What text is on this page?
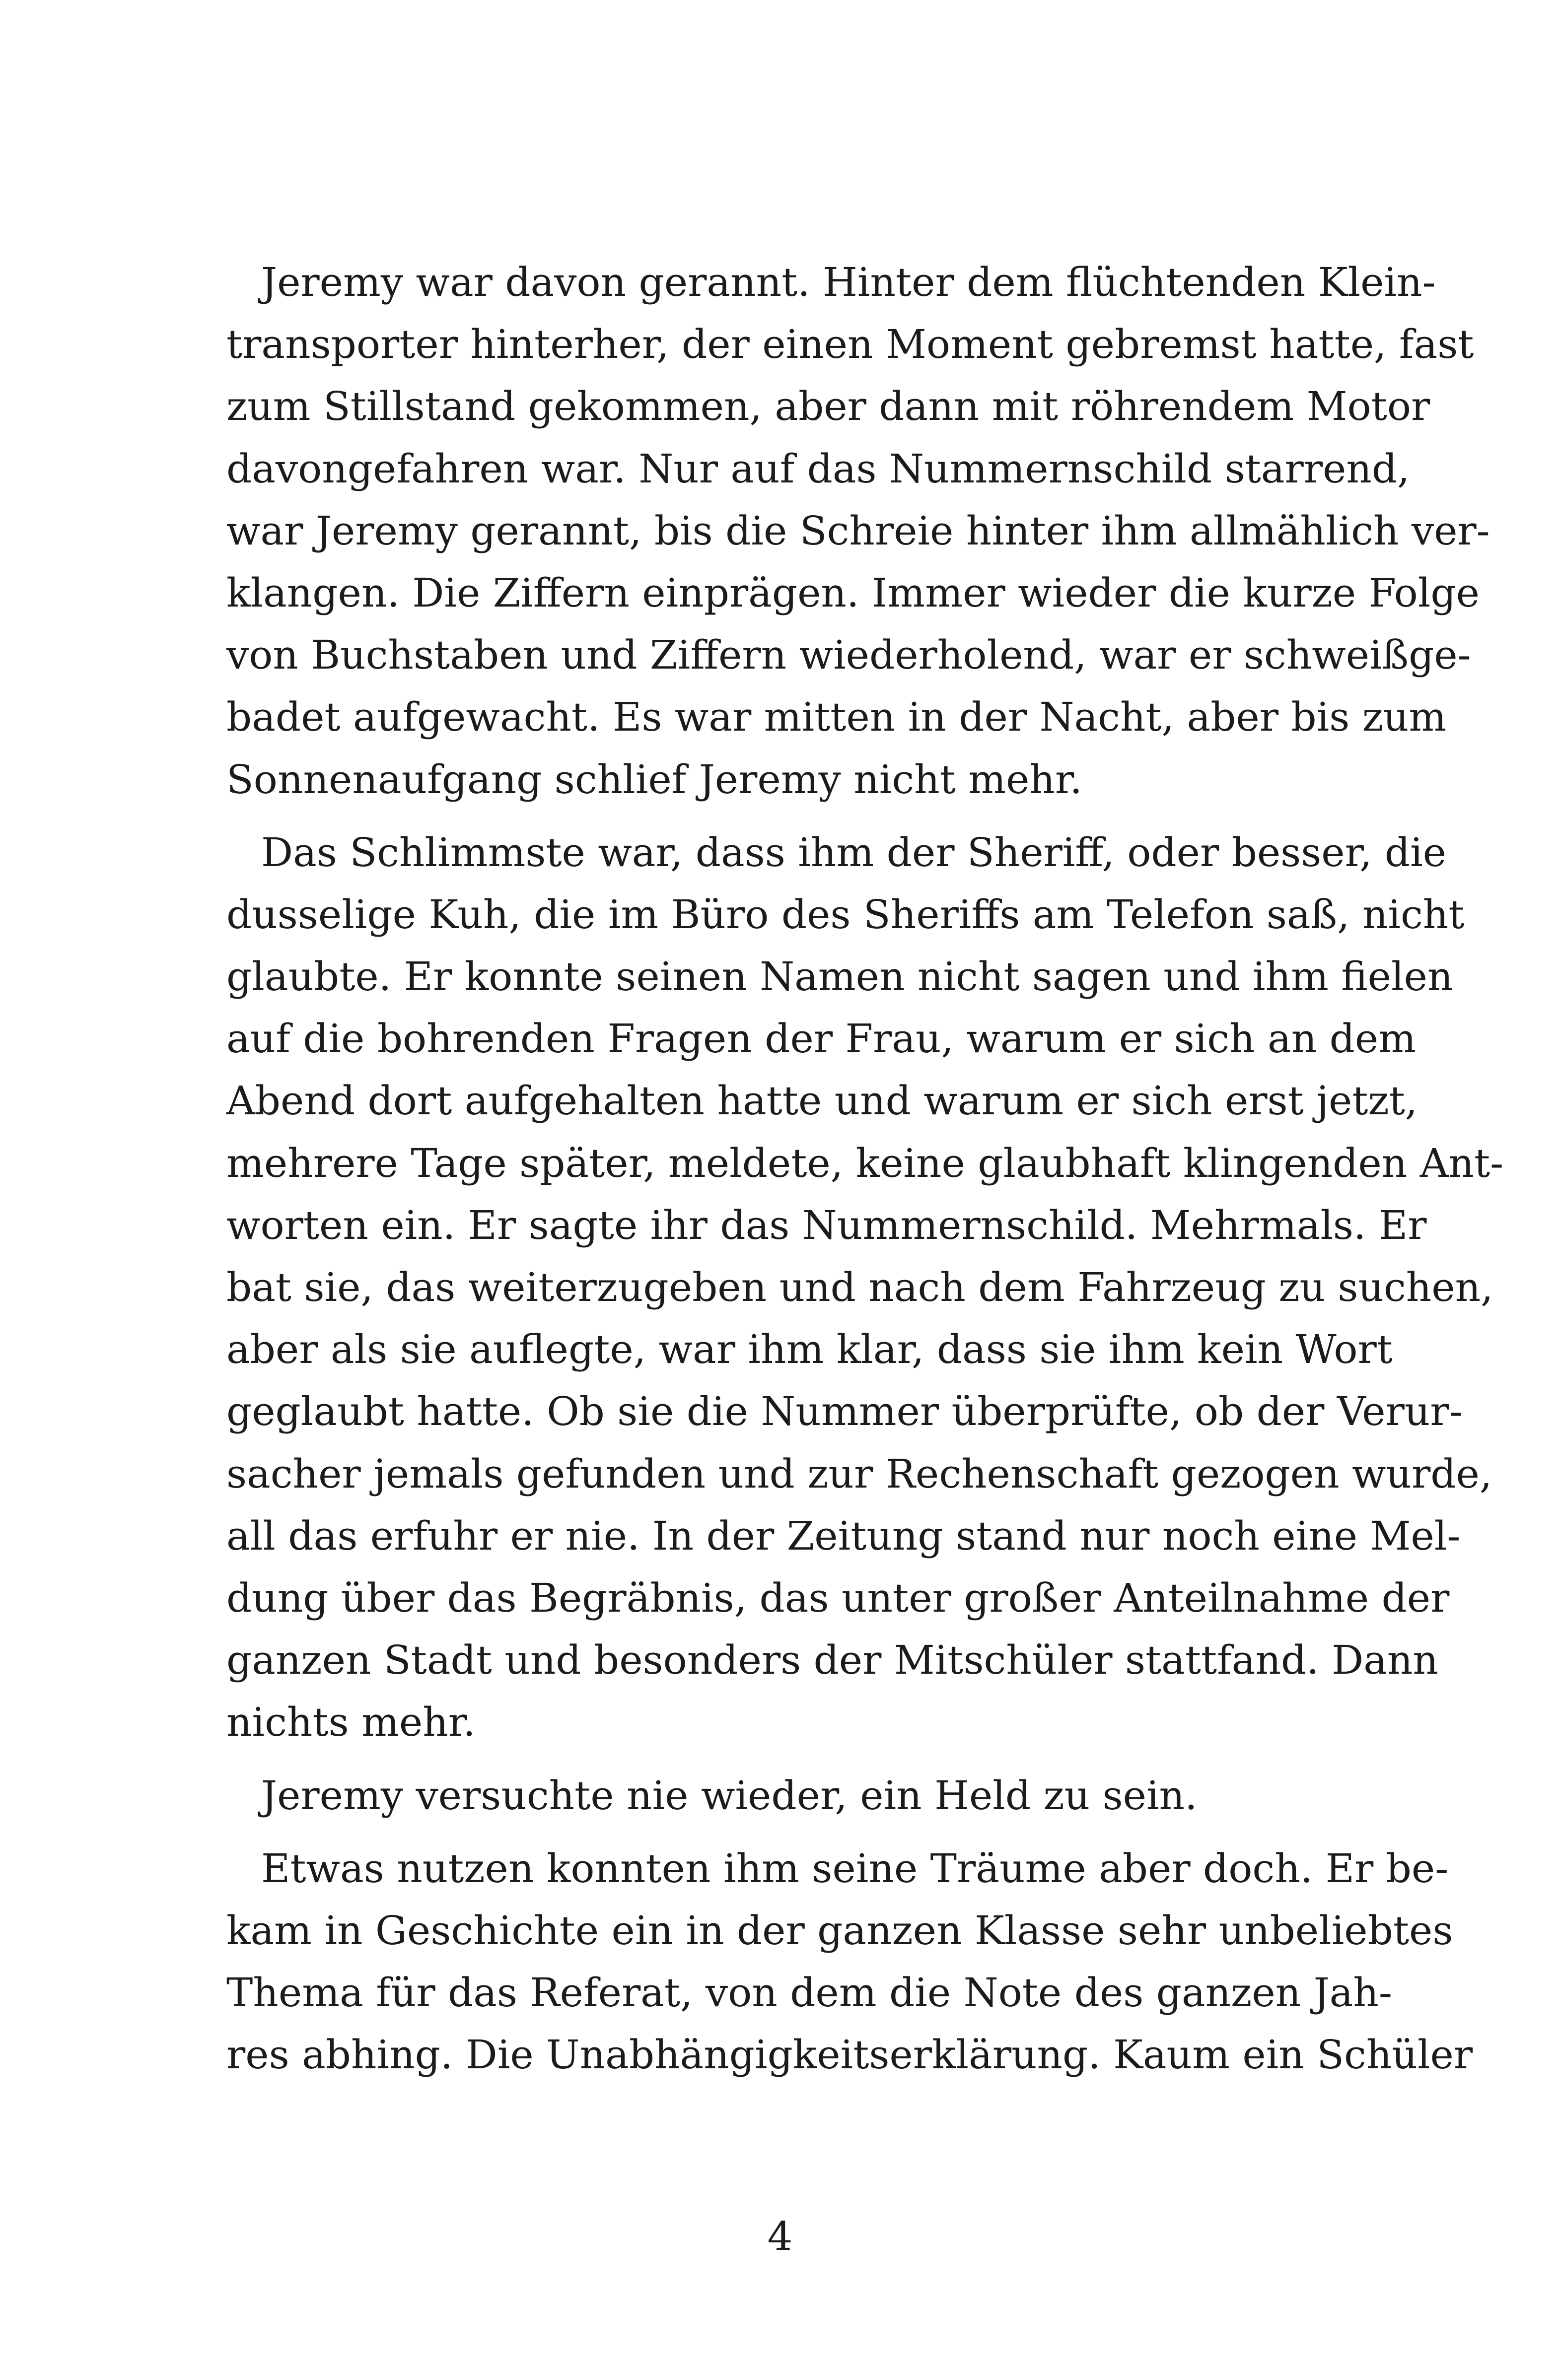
Jeremy war davon gerannt. Hinter dem flüchtenden Klein-
transporter hinterher, der einen Moment gebremst hatte, fast
zum Stillstand gekommen, aber dann mit röhrendem Motor
davongefahren war. Nur auf das Nummernschild starrend,
war Jeremy gerannt, bis die Schreie hinter ihm allmählich ver-
klangen. Die Ziffern einprägen. Immer wieder die kurze Folge
von Buchstaben und Ziffern wiederholend, war er schweißge-
badet aufgewacht. Es war mitten in der Nacht, aber bis zum
Sonnenaufgang schlief Jeremy nicht mehr.
Das Schlimmste war, dass ihm der Sheriff, oder besser, die
dusselige Kuh, die im Büro des Sheriffs am Telefon saß, nicht
glaubte. Er konnte seinen Namen nicht sagen und ihm fielen
auf die bohrenden Fragen der Frau, warum er sich an dem
Abend dort aufgehalten hatte und warum er sich erst jetzt,
mehrere Tage später, meldete, keine glaubhaft klingenden Ant-
worten ein. Er sagte ihr das Nummernschild. Mehrmals. Er
bat sie, das weiterzugeben und nach dem Fahrzeug zu suchen,
aber als sie auflegte, war ihm klar, dass sie ihm kein Wort
geglaubt hatte. Ob sie die Nummer überprüfte, ob der Verur-
sacher jemals gefunden und zur Rechenschaft gezogen wurde,
all das erfuhr er nie. In der Zeitung stand nur noch eine Mel-
dung über das Begräbnis, das unter großer Anteilnahme der
ganzen Stadt und besonders der Mitschüler stattfand. Dann
nichts mehr.
Jeremy versuchte nie wieder, ein Held zu sein.
Etwas nutzen konnten ihm seine Träume aber doch. Er be-
kam in Geschichte ein in der ganzen Klasse sehr unbeliebtes
Thema für das Referat, von dem die Note des ganzen Jah-
res abhing. Die Unabhängigkeitserklärung. Kaum ein Schüler
4
